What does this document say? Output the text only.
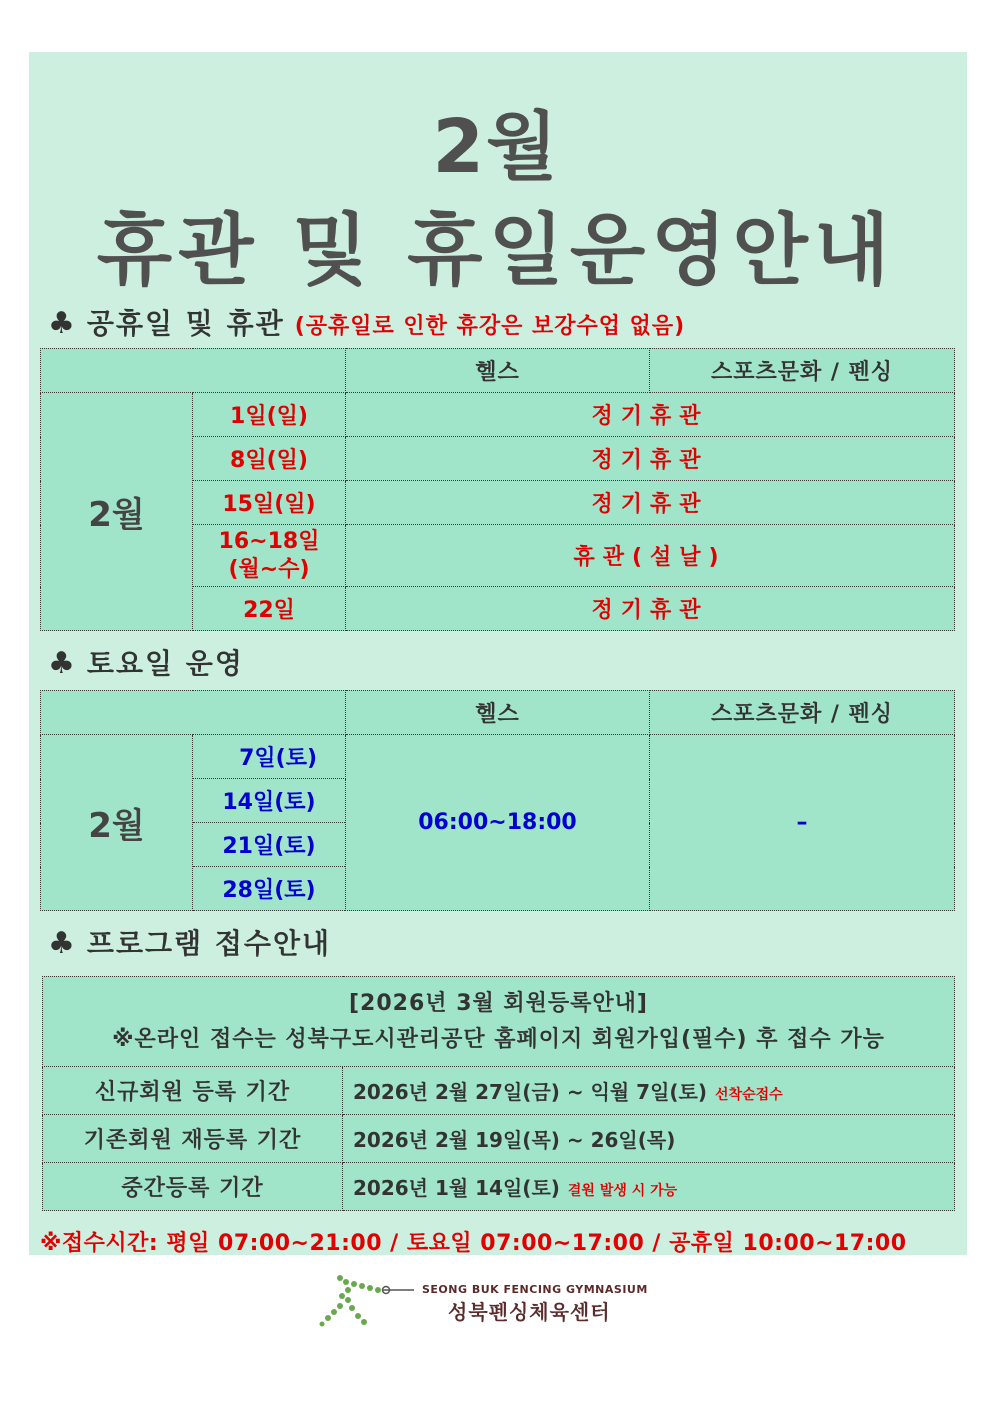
2월
휴관 및 휴일운영안내
♣ 공휴일 및 휴관 (공휴일로 인한 휴강은 보강수업 없음)
		헬스	스포츠문화 / 펜싱
2월	1일(일)	정기휴관	
	8일(일)	정기휴관	
	15일(일)	정기휴관	

	16~18일
(월~수)	휴관(설날)	
	22일	정기휴관	
♣ 토요일 운영
		헬스	스포츠문화 / 펜싱
2월	7일(토)	06:00~18:00	–
	14일(토)		
	21일(토)		
	28일(토)		
♣ 프로그램 접수안내
[2026년 3월 회원등록안내]
※온라인 접수는 성북구도시관리공단 홈페이지 회원가입(필수) 후 접수 가능	

신규회원 등록 기간	2026년 2월 27일(금) ~ 익월 7일(토) 선착순접수
기존회원 재등록 기간	2026년 2월 19일(목) ~ 26일(목)
중간등록 기간	2026년 1월 14일(토) 결원 발생 시 가능
※접수시간: 평일 07:00~21:00 / 토요일 07:00~17:00 / 공휴일 10:00~17:00
SEONG BUK FENCING GYMNASIUM
성북펜싱체육센터
